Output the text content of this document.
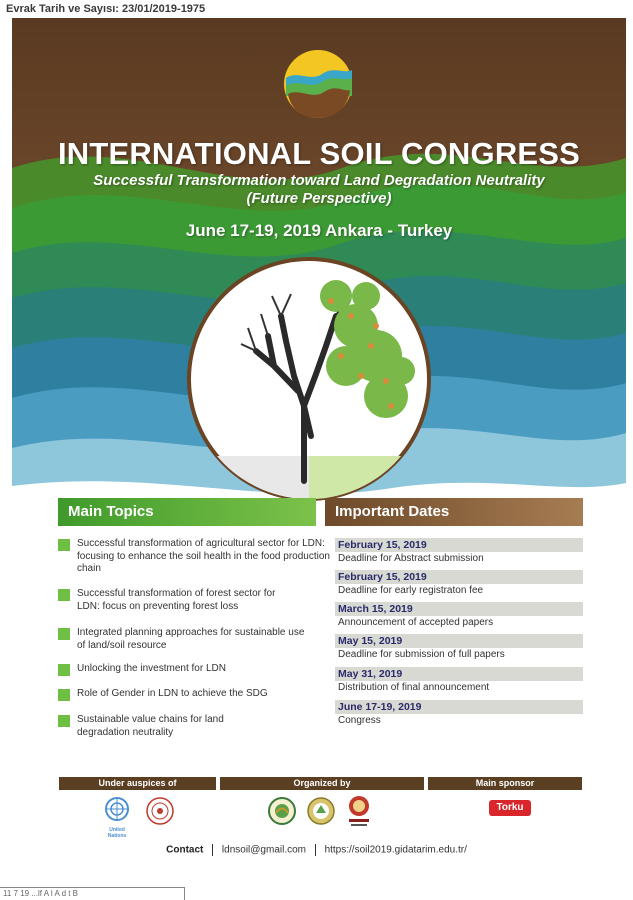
Evrak Tarih ve Sayısı: 23/01/2019-1975
INTERNATIONAL SOIL CONGRESS
Successful Transformation toward Land Degradation Neutrality
(Future Perspective)
June 17-19, 2019 Ankara - Turkey
Main Topics	Important Dates
Successful transformation of agricultural sector for LDN: focusing to enhance the soil health in the food production chain
Successful transformation of forest sector for LDN: focus on preventing forest loss
Integrated planning approaches for sustainable use of land/soil resource
Unlocking the investment for LDN
Role of Gender in LDN to achieve the SDG
Sustainable value chains for land degradation neutrality
February 15, 2019
Deadline for Abstract submission
February 15, 2019
Deadline for early registraton fee
March 15, 2019
Announcement of accepted papers
May 15, 2019
Deadline for submission of full papers
May 31, 2019
Distribution of final announcement
June 17-19, 2019
Congress
Under auspices of	Organized by	Main sponsor
United Nations
Torku
Contact ldnsoil@gmail.com https://soil2019.gidatarim.edu.tr/
11 7 19 ...lf A l A d t B
